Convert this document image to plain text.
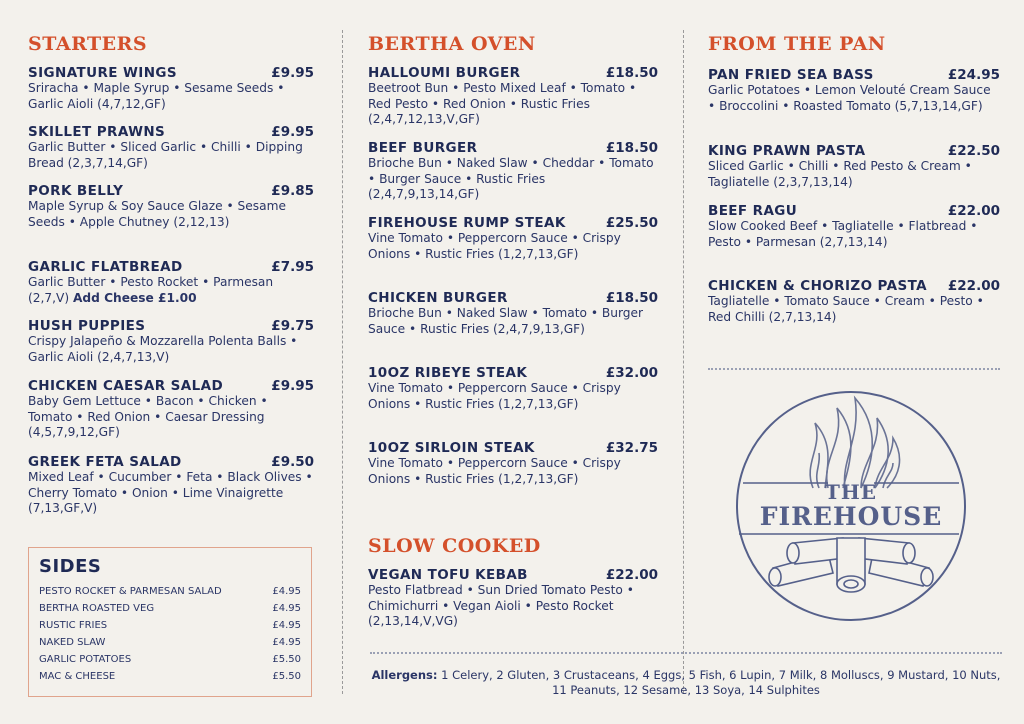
STARTERS
SIGNATURE WINGS	£9.95
Sriracha • Maple Syrup • Sesame Seeds • Garlic Aioli (4,7,12,GF)
SKILLET PRAWNS	£9.95
Garlic Butter • Sliced Garlic • Chilli • Dipping Bread (2,3,7,14,GF)
PORK BELLY	£9.85
Maple Syrup & Soy Sauce Glaze • Sesame Seeds • Apple Chutney (2,12,13)
GARLIC FLATBREAD	£7.95
Garlic Butter • Pesto Rocket • Parmesan (2,7,V) Add Cheese £1.00
HUSH PUPPIES	£9.75
Crispy Jalapeño & Mozzarella Polenta Balls • Garlic Aioli (2,4,7,13,V)
CHICKEN CAESAR SALAD	£9.95
Baby Gem Lettuce • Bacon • Chicken • Tomato • Red Onion • Caesar Dressing (4,5,7,9,12,GF)
GREEK FETA SALAD	£9.50
Mixed Leaf • Cucumber • Feta • Black Olives • Cherry Tomato • Onion • Lime Vinaigrette (7,13,GF,V)
SIDES
PESTO ROCKET & PARMESAN SALAD	£4.95
BERTHA ROASTED VEG	£4.95
RUSTIC FRIES	£4.95
NAKED SLAW	£4.95
GARLIC POTATOES	£5.50
MAC & CHEESE	£5.50
BERTHA OVEN
HALLOUMI BURGER	£18.50
Beetroot Bun • Pesto Mixed Leaf • Tomato • Red Pesto • Red Onion • Rustic Fries (2,4,7,12,13,V,GF)
BEEF BURGER	£18.50
Brioche Bun • Naked Slaw • Cheddar • Tomato • Burger Sauce • Rustic Fries (2,4,7,9,13,14,GF)
FIREHOUSE RUMP STEAK	£25.50
Vine Tomato • Peppercorn Sauce • Crispy Onions • Rustic Fries (1,2,7,13,GF)
CHICKEN BURGER	£18.50
Brioche Bun • Naked Slaw • Tomato • Burger Sauce • Rustic Fries (2,4,7,9,13,GF)
10OZ RIBEYE STEAK	£32.00
Vine Tomato • Peppercorn Sauce • Crispy Onions • Rustic Fries (1,2,7,13,GF)
10OZ SIRLOIN STEAK	£32.75
Vine Tomato • Peppercorn Sauce • Crispy Onions • Rustic Fries (1,2,7,13,GF)
SLOW COOKED
VEGAN TOFU KEBAB	£22.00
Pesto Flatbread • Sun Dried Tomato Pesto • Chimichurri • Vegan Aioli • Pesto Rocket (2,13,14,V,VG)
FROM THE PAN
PAN FRIED SEA BASS	£24.95
Garlic Potatoes • Lemon Velouté Cream Sauce • Broccolini • Roasted Tomato (5,7,13,14,GF)
KING PRAWN PASTA	£22.50
Sliced Garlic • Chilli • Red Pesto & Cream • Tagliatelle (2,3,7,13,14)
BEEF RAGU	£22.00
Slow Cooked Beef • Tagliatelle • Flatbread • Pesto • Parmesan (2,7,13,14)
CHICKEN & CHORIZO PASTA £22.00
Tagliatelle • Tomato Sauce • Cream • Pesto • Red Chilli (2,7,13,14)
THE
FIREHOUSE
Allergens: 1 Celery, 2 Gluten, 3 Crustaceans, 4 Eggs, 5 Fish, 6 Lupin, 7 Milk, 8 Molluscs, 9 Mustard, 10 Nuts, 11 Peanuts, 12 Sesame, 13 Soya, 14 Sulphites
